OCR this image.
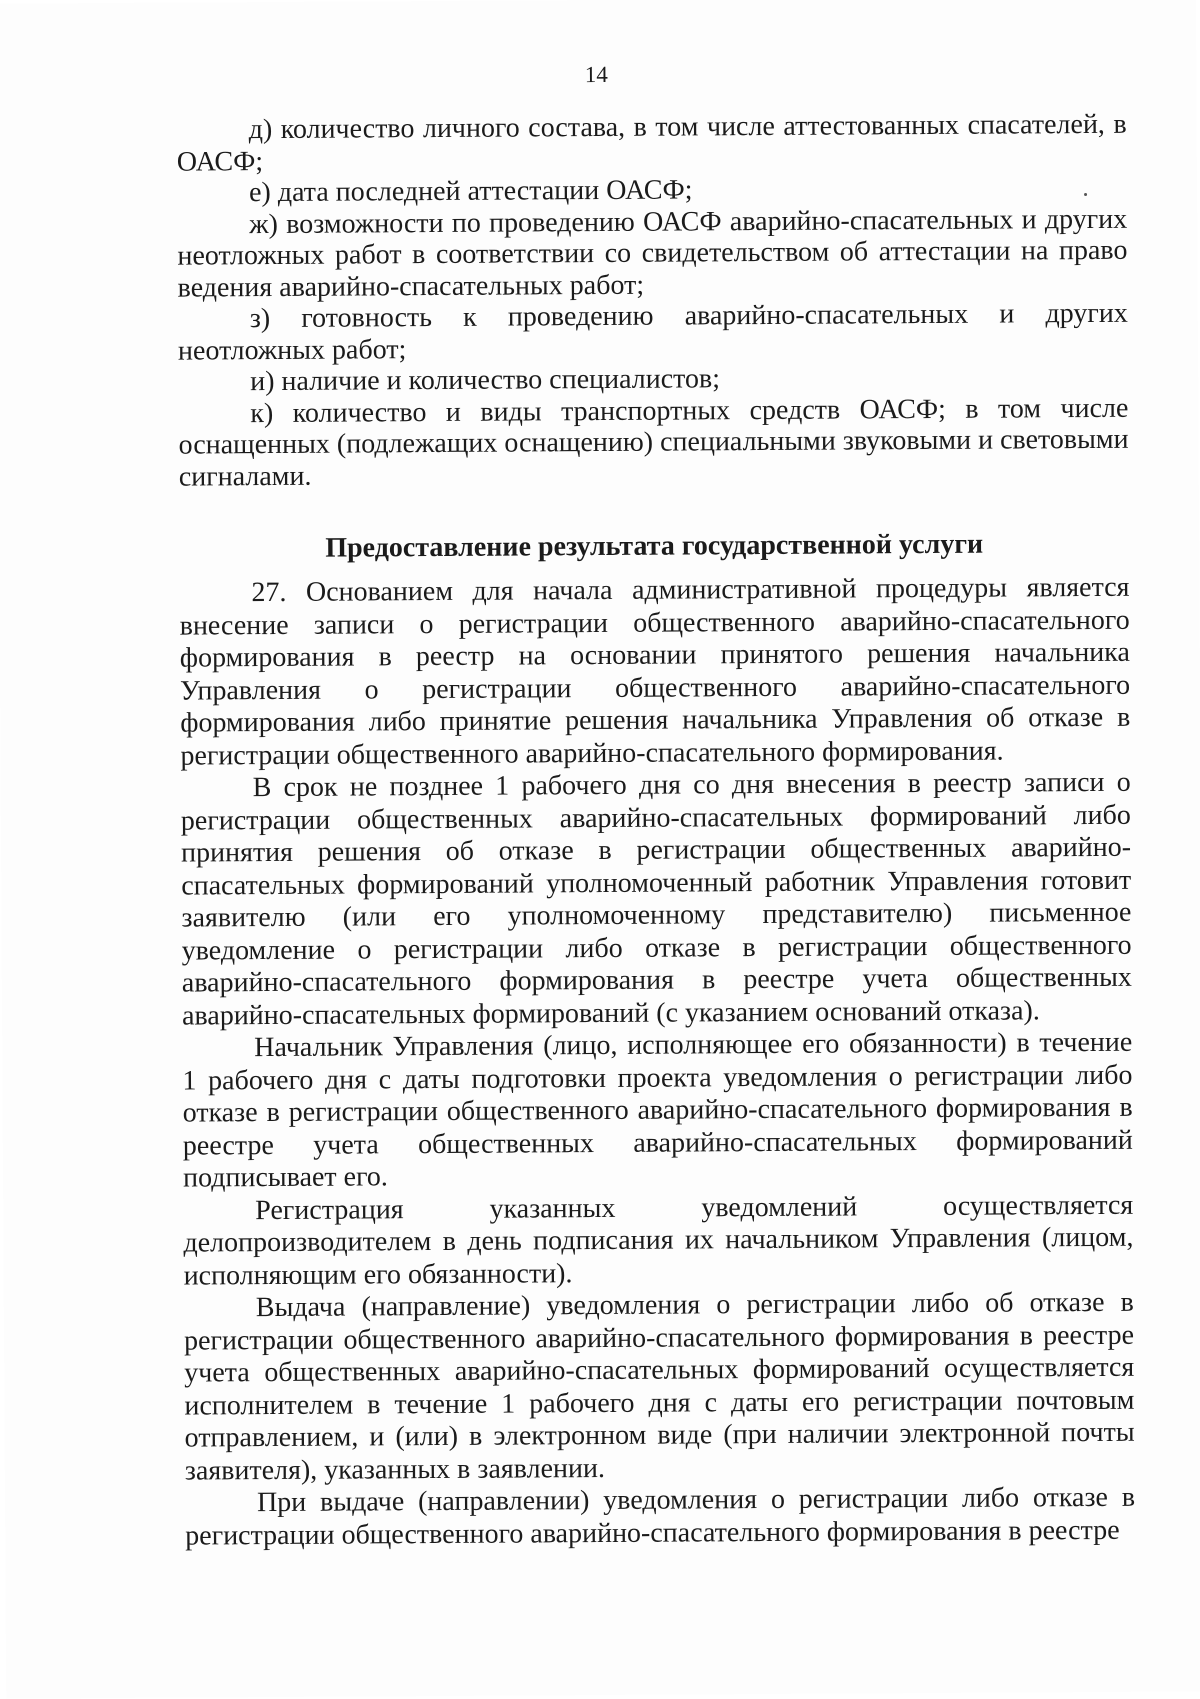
14

д) количество личного состава, в том числе аттестованных спасателей, в ОАСФ;

е) дата последней аттестации ОАСФ;

ж) возможности по проведению ОАСФ аварийно-спасательных и других неотложных работ в соответствии со свидетельством об аттестации на право ведения аварийно-спасательных работ;

з) готовность к проведению аварийно-спасательных и других неотложных работ;

и) наличие и количество специалистов;

к) количество и виды транспортных средств ОАСФ; в том числе оснащенных (подлежащих оснащению) специальными звуковыми и световыми сигналами.

Предоставление результата государственной услуги

27. Основанием для начала административной процедуры является внесение записи о регистрации общественного аварийно-спасательного формирования в реестр на основании принятого решения начальника Управления о регистрации общественного аварийно-спасательного формирования либо принятие решения начальника Управления об отказе в регистрации общественного аварийно-спасательного формирования.

В срок не позднее 1 рабочего дня со дня внесения в реестр записи о регистрации общественных аварийно-спасательных формирований либо принятия решения об отказе в регистрации общественных аварийно-спасательных формирований уполномоченный работник Управления готовит заявителю (или его уполномоченному представителю) письменное уведомление о регистрации либо отказе в регистрации общественного аварийно-спасательного формирования в реестре учета общественных аварийно-спасательных формирований (с указанием оснований отказа).

Начальник Управления (лицо, исполняющее его обязанности) в течение 1 рабочего дня с даты подготовки проекта уведомления о регистрации либо отказе в регистрации общественного аварийно-спасательного формирования в реестре учета общественных аварийно-спасательных формирований подписывает его.

Регистрация указанных уведомлений осуществляется делопроизводителем в день подписания их начальником Управления (лицом, исполняющим его обязанности).

Выдача (направление) уведомления о регистрации либо об отказе в регистрации общественного аварийно-спасательного формирования в реестре учета общественных аварийно-спасательных формирований осуществляется исполнителем в течение 1 рабочего дня с даты его регистрации почтовым отправлением, и (или) в электронном виде (при наличии электронной почты заявителя), указанных в заявлении.

При выдаче (направлении) уведомления о регистрации либо отказе в регистрации общественного аварийно-спасательного формирования в реестре
